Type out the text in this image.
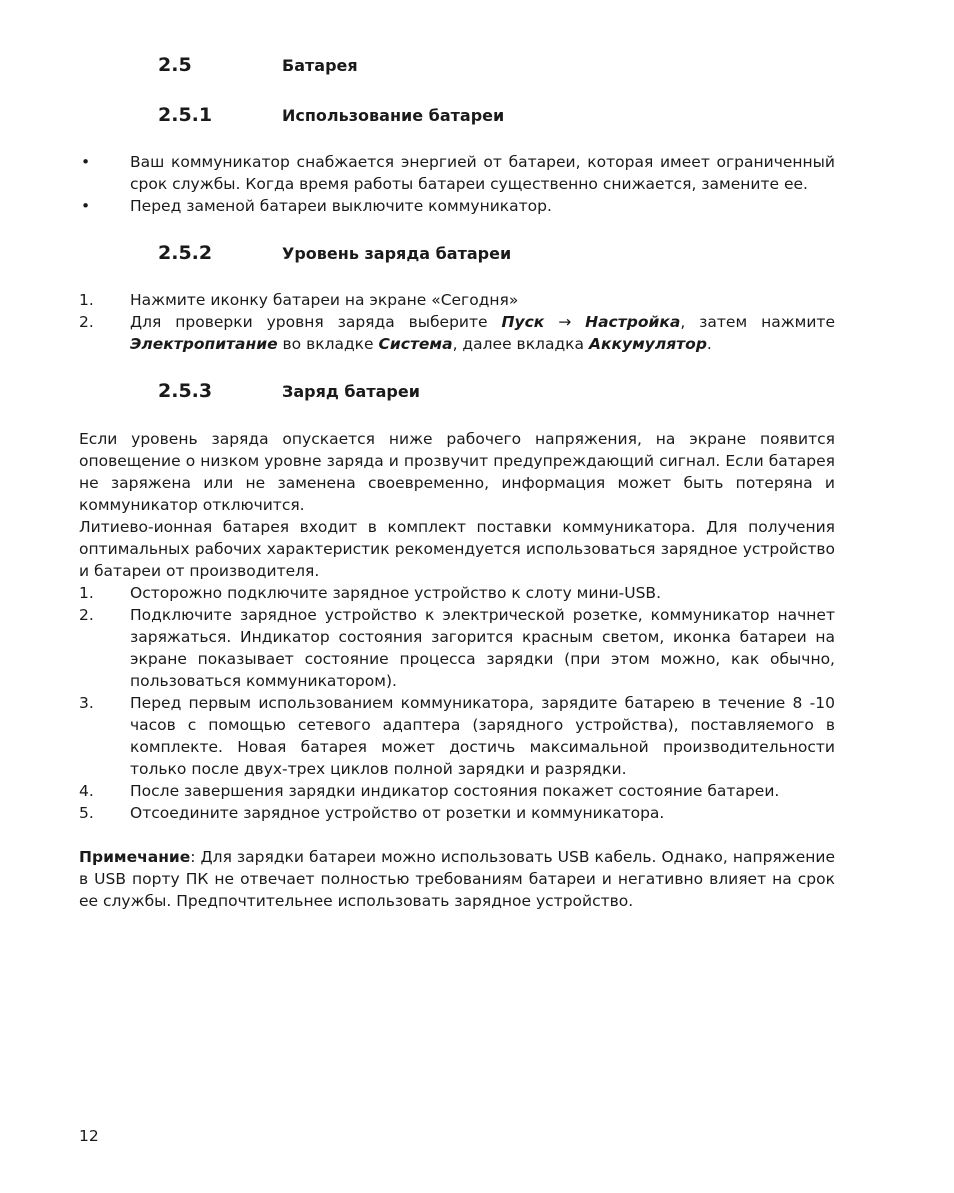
2.5	Батарея
2.5.1	Использование батареи
•	Ваш коммуникатор снабжается энергией от батареи, которая имеет ограниченный срок службы. Когда время работы батареи существенно снижается, замените ее.
•	Перед заменой батареи выключите коммуникатор.
2.5.2	Уровень заряда батареи
1. Нажмите иконку батареи на экране «Сегодня»
2. Для проверки уровня заряда выберите Пуск → Настройка, затем нажмите Электропитание во вкладке Система, далее вкладка Аккумулятор.
2.5.3	Заряд батареи
Если уровень заряда опускается ниже рабочего напряжения, на экране появится оповещение о низком уровне заряда и прозвучит предупреждающий сигнал. Если батарея не заряжена или не заменена своевременно, информация может быть потеряна и коммуникатор отключится.
Литиево-ионная батарея входит в комплект поставки коммуникатора. Для получения оптимальных рабочих характеристик рекомендуется использоваться зарядное устройство и батареи от производителя.
1. Осторожно подключите зарядное устройство к слоту мини-USB.
2. Подключите зарядное устройство к электрической розетке, коммуникатор начнет заряжаться. Индикатор состояния загорится красным светом, иконка батареи на экране показывает состояние процесса зарядки (при этом можно, как обычно, пользоваться коммуникатором).
3. Перед первым использованием коммуникатора, зарядите батарею в течение 8 -10 часов с помощью сетевого адаптера (зарядного устройства), поставляемого в комплекте. Новая батарея может достичь максимальной производительности только после двух-трех циклов полной зарядки и разрядки.
4. После завершения зарядки индикатор состояния покажет состояние батареи.
5. Отсоедините зарядное устройство от розетки и коммуникатора.
Примечание: Для зарядки батареи можно использовать USB кабель. Однако, напряжение в USB порту ПК не отвечает полностью требованиям батареи и негативно влияет на срок ее службы. Предпочтительнее использовать зарядное устройство.
12
